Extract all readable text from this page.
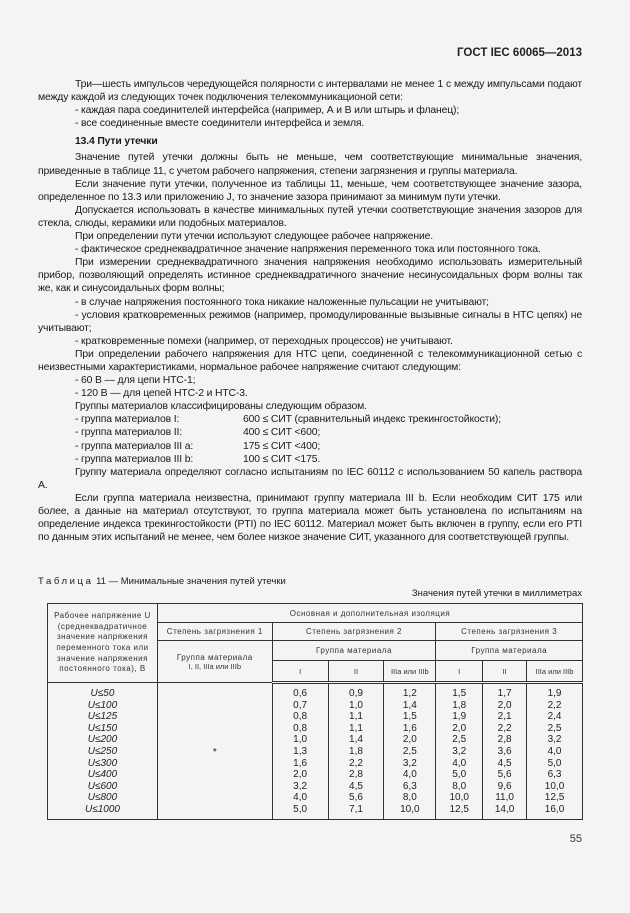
ГОСТ IEC 60065—2013

Три—шесть импульсов чередующейся полярности с интервалами не менее 1 с между импульсами подают между каждой из следующих точек подключения телекоммуникационой сети:

- каждая пара соединителей интерфейса (например, А и В или штырь и фланец);

- все соединенные вместе соединители интерфейса и земля.

13.4 Пути утечки

Значение путей утечки должны быть не меньше, чем соответствующие минимальные значения, приведенные в таблице 11, с учетом рабочего напряжения, степени загрязнения и группы материала.

Если значение пути утечки, полученное из таблицы 11, меньше, чем соответствующее значение зазора, определенное по 13.3 или приложению J, то значение зазора принимают за минимум пути утечки.

Допускается использовать в качестве минимальных путей утечки соответствующие значения зазоров для стекла, слюды, керамики или подобных материалов.

При определении пути утечки используют следующее рабочее напряжение.

- фактическое среднеквадратичное значение напряжения переменного тока или постоянного тока.

При измерении среднеквадратичного значения напряжения необходимо использовать измерительный прибор, позволяющий определять истинное среднеквадратичного значение несинусоидальных форм волны так же, как и синусоидальных форм волны;

- в случае напряжения постоянного тока никакие наложенные пульсации не учитывают;

- условия кратковременных режимов (например, промодулированные вызывные сигналы в НТС цепях) не учитывают;

- кратковременные помехи (например, от переходных процессов) не учитывают.

При определении рабочего напряжения для НТС цепи, соединенной с телекоммуникационной сетью с неизвестными характеристиками, нормальное рабочее напряжение считают следующим:

- 60 В — для цепи НТС-1;

- 120 В — для цепей НТС-2 и НТС-3.

Группы материалов классифицированы следующим образом.

- группа материалов I:	600 ≤ СИТ (сравнительный индекс трекингостойкости);
- группа материалов II:	400 ≤ СИТ <600;
- группа материалов III a:	175 ≤ СИТ <400;
- группа материалов III b:	100 ≤ СИТ <175.

Группу материала определяют согласно испытаниям по IEC 60112 с использованием 50 капель раствора А.

Если группа материала неизвестна, принимают группу материала III b. Если необходим СИТ 175 или более, а данные на материал отсутствуют, то группа материала может быть установлена по испытаниям на определение индекса трекингостойкости (PTI) по IEC 60112. Материал может быть включен в группу, если его PTI по данным этих испытаний не менее, чем более низкое значение СИТ, указанного для соответствующей группы.

Таблица 11 — Минимальные значения путей утечки
Значения путей утечки в миллиметрах
Рабочее напряжение U (среднеквадратичное значение напряжения переменного тока или значение напряжения постоянного тока), В	Основная и дополнительная изоляция						
	Степень загрязнения 1	Степень загрязнения 2			Степень загрязнения 3		

	Группа материала
I, II, IIIa или IIIb	Группа материала			Группа материала		
		I	II	IIIa или IIIb	I	II	IIIa или IIIb
U≤50	*	0,6	0,9	1,2	1,5	1,7	1,9
U≤100		0,7	1,0	1,4	1,8	2,0	2,2
U≤125		0,8	1,1	1,5	1,9	2,1	2,4
U≤150		0,8	1,1	1,6	2,0	2,2	2,5
U≤200		1,0	1,4	2,0	2,5	2,8	3,2
U≤250		1,3	1,8	2,5	3,2	3,6	4,0
U≤300		1,6	2,2	3,2	4,0	4,5	5,0
U≤400		2,0	2,8	4,0	5,0	5,6	6,3
U≤600		3,2	4,5	6,3	8,0	9,6	10,0
U≤800		4,0	5,6	8,0	10,0	11,0	12,5
U≤1000		5,0	7,1	10,0	12,5	14,0	16,0
55
